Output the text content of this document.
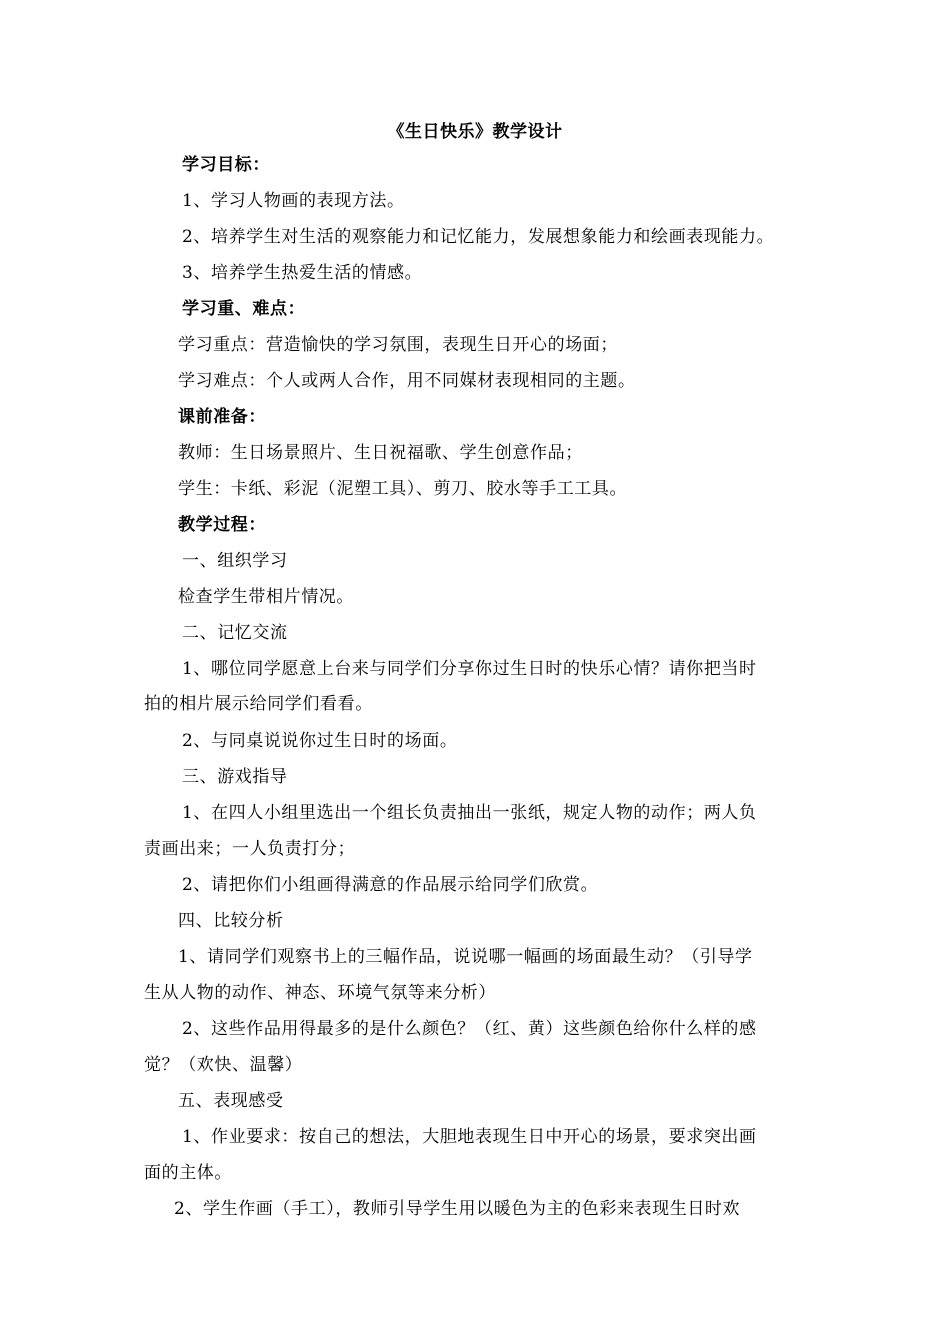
《生日快乐》教学设计
学习目标：
1、学习人物画的表现方法。
2、培养学生对生活的观察能力和记忆能力，发展想象能力和绘画表现能力。
3、培养学生热爱生活的情感。
学习重、难点：
学习重点：营造愉快的学习氛围，表现生日开心的场面；
学习难点：个人或两人合作，用不同媒材表现相同的主题。
课前准备：
教师：生日场景照片、生日祝福歌、学生创意作品；
学生：卡纸、彩泥（泥塑工具）、剪刀、胶水等手工工具。
教学过程：
一、组织学习
检查学生带相片情况。
二、记忆交流
1、哪位同学愿意上台来与同学们分享你过生日时的快乐心情？请你把当时
拍的相片展示给同学们看看。
2、与同桌说说你过生日时的场面。
三、游戏指导
1、在四人小组里选出一个组长负责抽出一张纸，规定人物的动作；两人负
责画出来；一人负责打分；
2、请把你们小组画得满意的作品展示给同学们欣赏。
四、比较分析
1、请同学们观察书上的三幅作品，说说哪一幅画的场面最生动？（引导学
生从人物的动作、神态、环境气氛等来分析）
2、这些作品用得最多的是什么颜色？（红、黄）这些颜色给你什么样的感
觉？（欢快、温馨）
五、表现感受
1、作业要求：按自己的想法，大胆地表现生日中开心的场景，要求突出画
面的主体。
2、学生作画（手工），教师引导学生用以暖色为主的色彩来表现生日时欢
